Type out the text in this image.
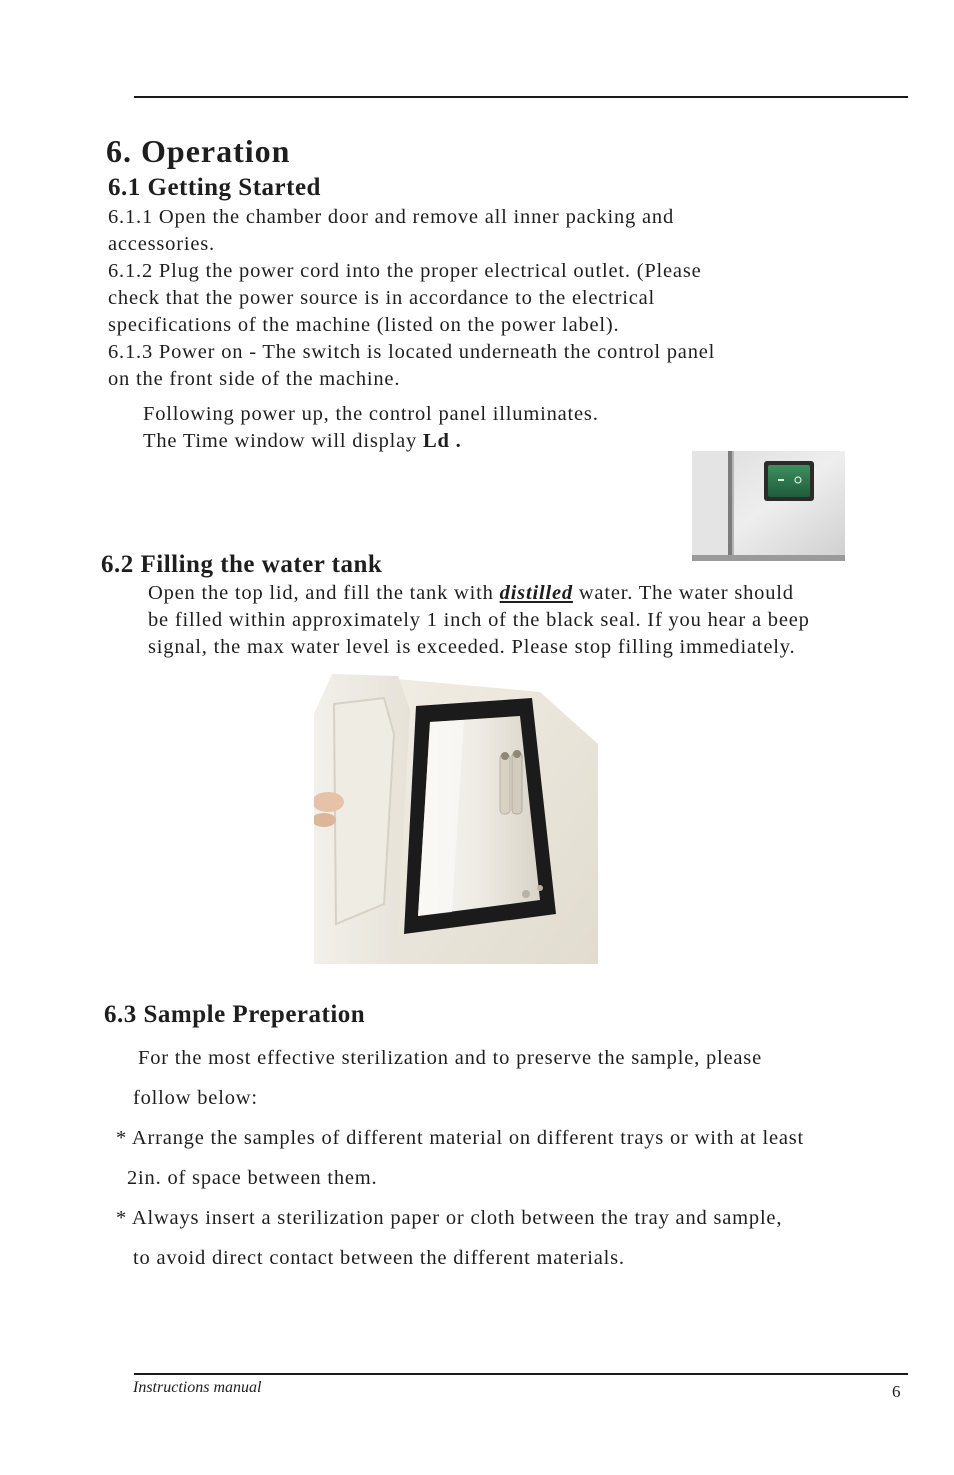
6. Operation
6.1 Getting Started
6.1.1 Open the chamber door and remove all inner packing and
accessories.
6.1.2 Plug the power cord into the proper electrical outlet. (Please
check that the power source is in accordance to the electrical
specifications of the machine (listed on the power label).
6.1.3 Power on - The switch is located underneath the control panel
on the front side of the machine.
Following power up, the control panel illuminates.
The Time window will display Ld .
6.2 Filling the water tank
Open the top lid, and fill the tank with distilled water. The water should
be filled within approximately 1 inch of the black seal. If you hear a beep
signal, the max water level is exceeded. Please stop filling immediately.
6.3 Sample Preperation
For the most effective sterilization and to preserve the sample, please
follow below:
* Arrange the samples of different material on different trays or with at least
2in. of space between them.
* Always insert a sterilization paper or cloth between the tray and sample,
to avoid direct contact between the different materials.
Instructions manual	6
